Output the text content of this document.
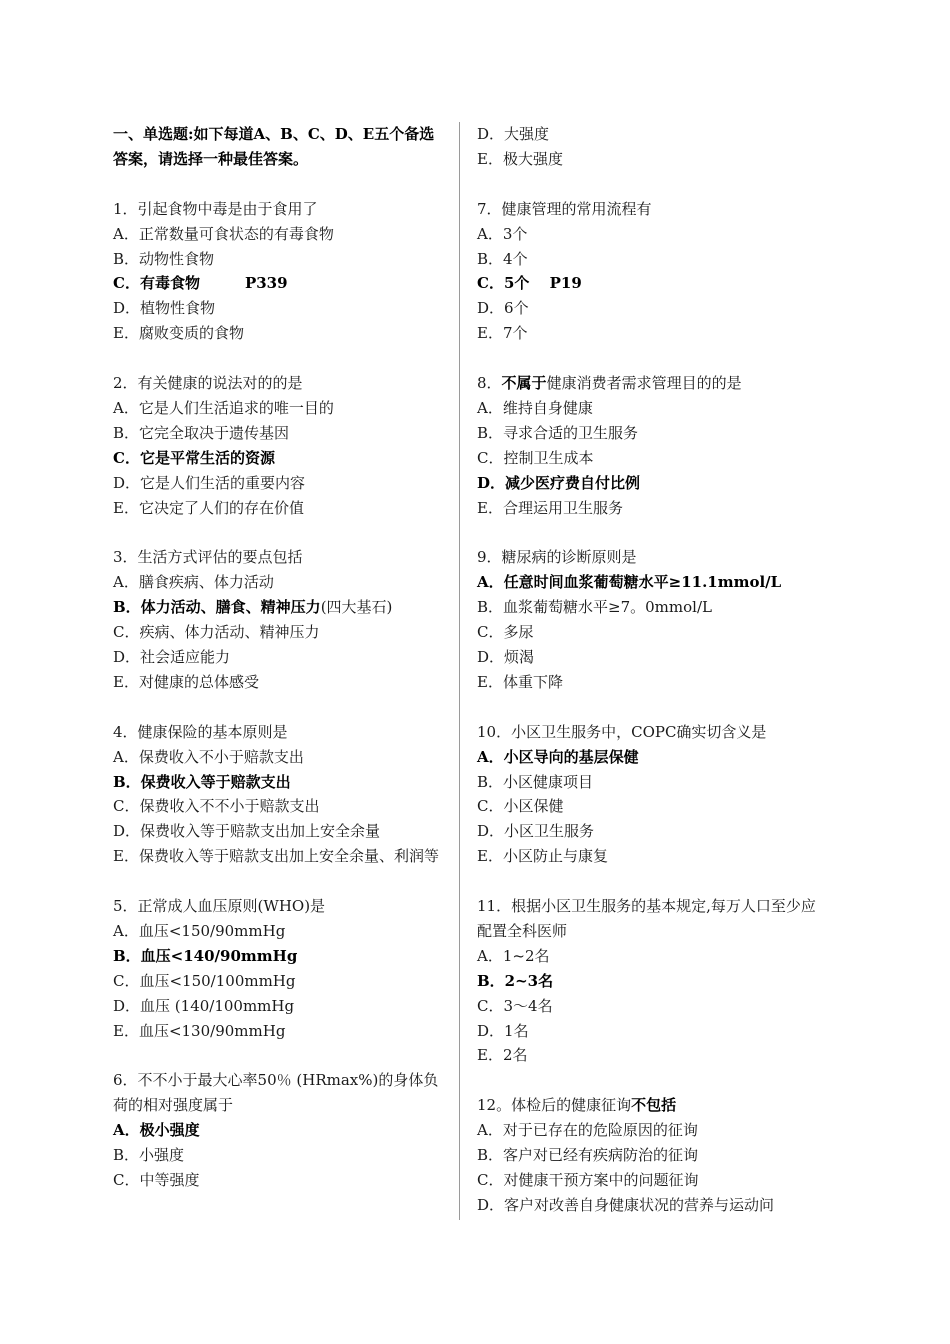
一、单选题:如下每道A、B、C、D、E五个备选答案，请选择一种最佳答案。
1．引起食物中毒是由于食用了
A．正常数量可食状态的有毒食物
B．动物性食物
C．有毒食物　　　P339
D．植物性食物
E．腐败变质的食物
2．有关健康的说法对的的是
A．它是人们生活追求的唯一目的
B．它完全取决于遗传基因
C．它是平常生活的资源
D．它是人们生活的重要内容
E．它决定了人们的存在价值
3．生活方式评估的要点包括
A．膳食疾病、体力活动
B．体力活动、膳食、精神压力(四大基石)
C．疾病、体力活动、精神压力
D．社会适应能力
E．对健康的总体感受
4．健康保险的基本原则是
A．保费收入不小于赔款支出
B．保费收入等于赔款支出
C．保费收入不不小于赔款支出
D．保费收入等于赔款支出加上安全余量
E．保费收入等于赔款支出加上安全余量、利润等
5．正常成人血压原则(WHO)是
A．血压<150/90mmHg
B．血压<140/90mmHg
C．血压<150/100mmHg
D．血压 (140/100mmHg
E．血压<130/90mmHg
6．不不小于最大心率50％ (HRmax%)的身体负荷的相对强度属于
A．极小强度
B．小强度
C．中等强度
D．大强度
E．极大强度
7．健康管理的常用流程有
A．3个
B．4个
C．5个　 P19
D．6个
E．7个
8．不属于健康消费者需求管理目的的是
A．维持自身健康
B．寻求合适的卫生服务
C．控制卫生成本
D．减少医疗费自付比例
E．合理运用卫生服务
9．糖尿病的诊断原则是
A．任意时间血浆葡萄糖水平≥11.1mmol/L
B．血浆葡萄糖水平≥7。0mmol/L
C．多尿
D．烦渴
E．体重下降
10．小区卫生服务中，COPC确实切含义是
A．小区导向的基层保健
B．小区健康项目
C．小区保健
D．小区卫生服务
E．小区防止与康复
11．根据小区卫生服务的基本规定,每万人口至少应配置全科医师
A．1~2名
B．2~3名
C．3～4名
D．1名
E．2名
12。体检后的健康征询不包括
A．对于已存在的危险原因的征询
B．客户对已经有疾病防治的征询
C．对健康干预方案中的问题征询
D．客户对改善自身健康状况的营养与运动问
